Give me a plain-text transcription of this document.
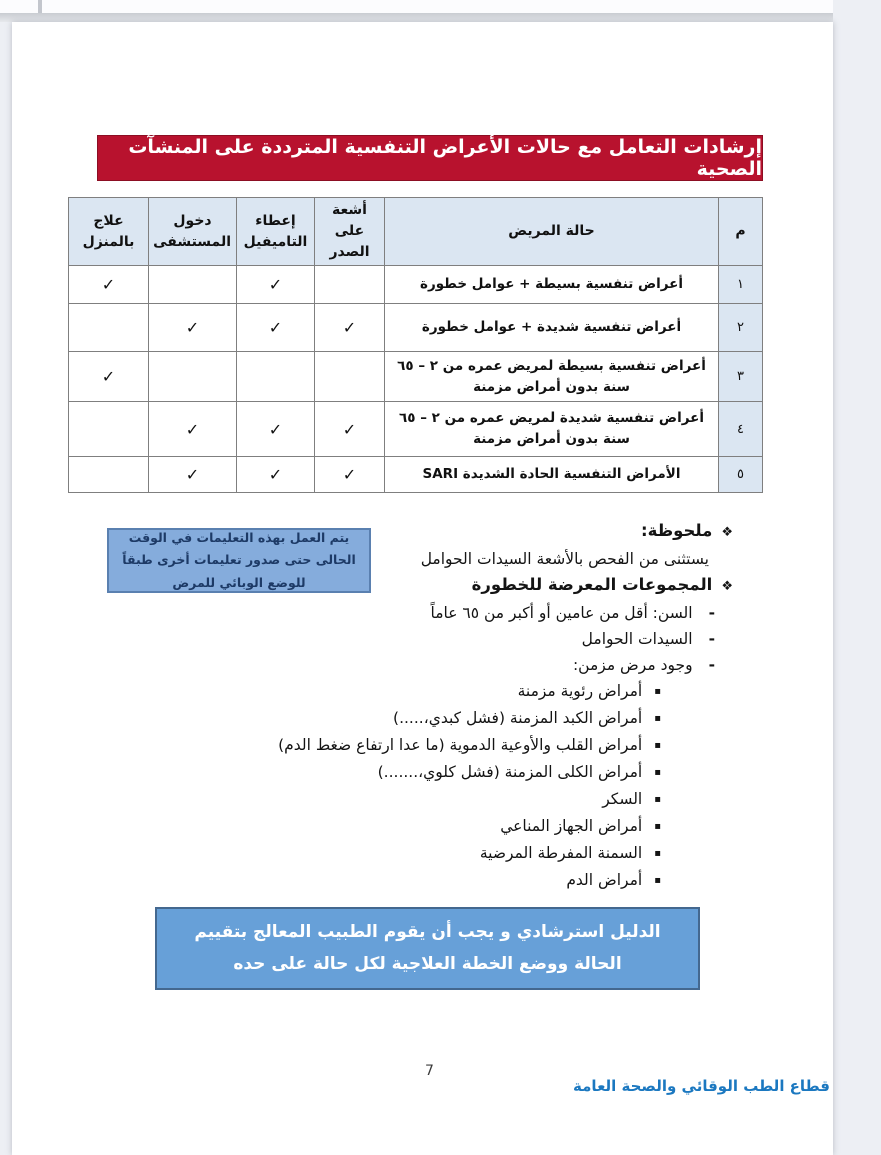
إرشادات التعامل مع حالات الأعراض التنفسية المترددة على المنشآت الصحية
م	حالة المريض	أشعة على الصدر	إعطاء التاميفيل	دخول المستشفى	علاج بالمنزل
١	أعراض تنفسية بسيطة + عوامل خطورة		✓		✓
٢	أعراض تنفسية شديدة + عوامل خطورة	✓	✓	✓	
٣	أعراض تنفسية بسيطة لمريض عمره من ٢ – ٦٥ سنة بدون أمراض مزمنة				✓
٤	أعراض تنفسية شديدة لمريض عمره من ٢ – ٦٥ سنة بدون أمراض مزمنة	✓	✓	✓	
٥	الأمراض التنفسية الحادة الشديدة SARI	✓	✓	✓	
يتم العمل بهذه التعليمات في الوقت الحالى حتى صدور تعليمات أخرى طبقاً للوضع الوبائي للمرض
❖ملحوظة:
يستثنى من الفحص بالأشعة السيدات الحوامل
❖المجموعات المعرضة للخطورة
-السن: أقل من عامين أو أكبر من ٦٥ عاماً
-السيدات الحوامل
-وجود مرض مزمن:
▪أمراض رئوية مزمنة
▪أمراض الكبد المزمنة (فشل كبدي،.....)
▪أمراض القلب والأوعية الدموية (ما عدا ارتفاع ضغط الدم)
▪أمراض الكلى المزمنة (فشل كلوي،.......)
▪السكر
▪أمراض الجهاز المناعي
▪السمنة المفرطة المرضية
▪أمراض الدم
الدليل استرشادي و يجب أن يقوم الطبيب المعالج بتقييم الحالة ووضع الخطة العلاجية لكل حالة على حده
7
قطاع الطب الوقائي والصحة العامة
